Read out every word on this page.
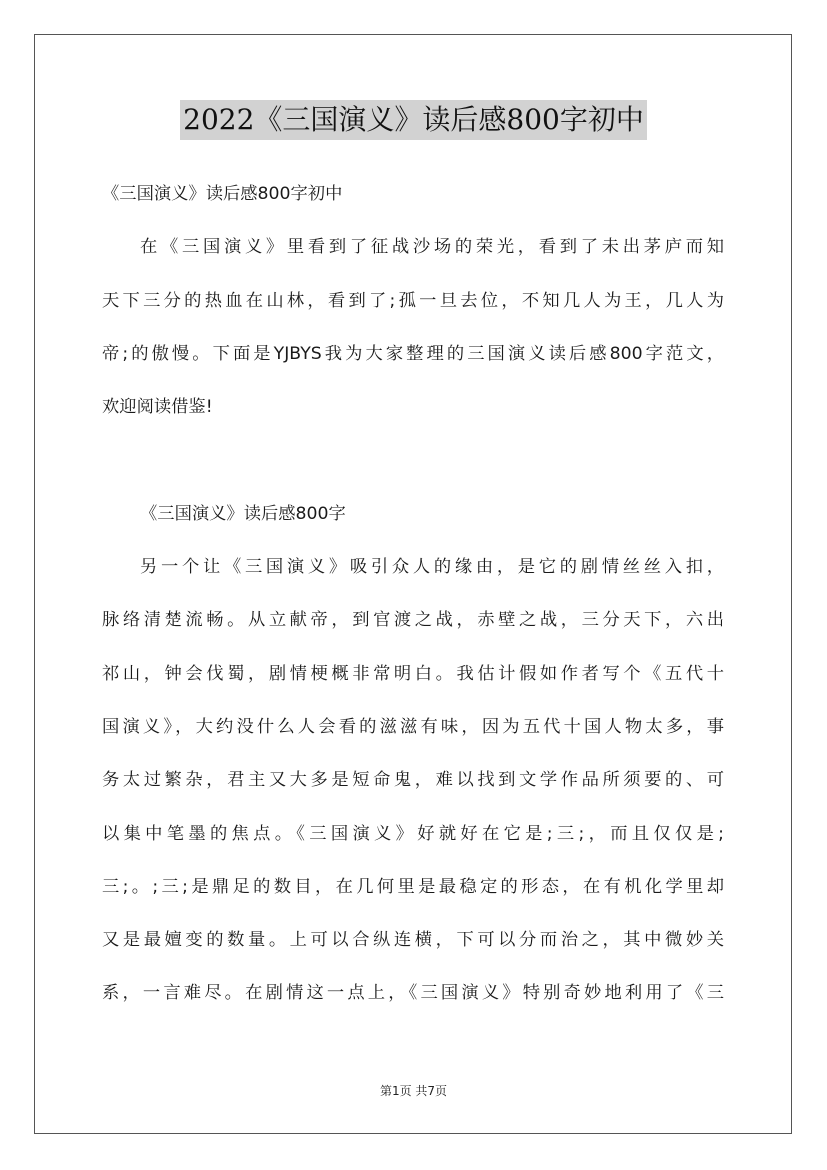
2022《三国演义》读后感800字初中
《三国演义》读后感800字初中
在《三国演义》里看到了征战沙场的荣光，看到了未出茅庐而知
天下三分的热血在山林，看到了;孤一旦去位，不知几人为王，几人为
帝;的傲慢。下面是YJBYS我为大家整理的三国演义读后感800字范文，
欢迎阅读借鉴!
《三国演义》读后感800字
另一个让《三国演义》吸引众人的缘由，是它的剧情丝丝入扣，
脉络清楚流畅。从立献帝，到官渡之战，赤壁之战，三分天下，六出
祁山，钟会伐蜀，剧情梗概非常明白。我估计假如作者写个《五代十
国演义》，大约没什么人会看的滋滋有味，因为五代十国人物太多，事
务太过繁杂，君主又大多是短命鬼，难以找到文学作品所须要的、可
以集中笔墨的焦点。《三国演义》好就好在它是;三;，而且仅仅是;
三;。;三;是鼎足的数目，在几何里是最稳定的形态，在有机化学里却
又是最嬗变的数量。上可以合纵连横，下可以分而治之，其中微妙关
系，一言难尽。在剧情这一点上，《三国演义》特别奇妙地利用了《三
第1页 共7页
